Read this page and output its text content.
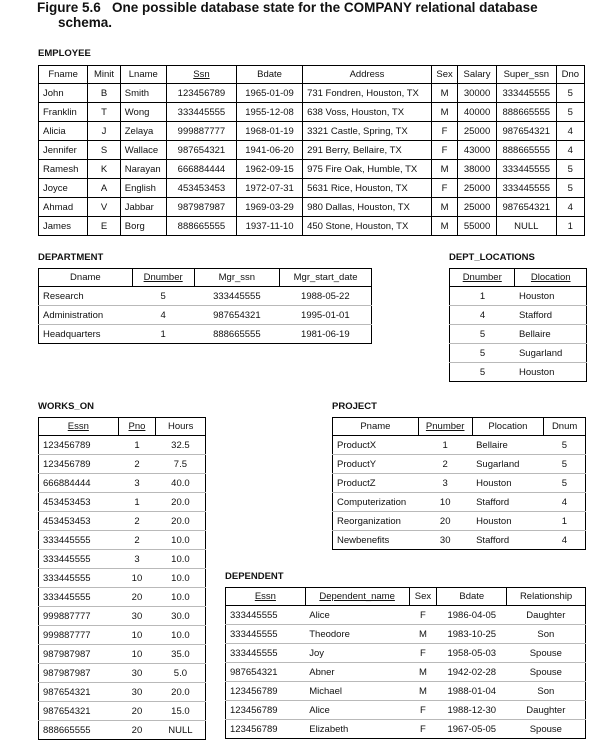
Figure 5.6   One possible database state for the COMPANY relational database
schema.
EMPLOYEE
Fname	Minit	Lname	Ssn	Bdate	Address	Sex	Salary	Super_ssn	Dno
John	B	Smith	123456789	1965-01-09	731 Fondren, Houston, TX	M	30000	333445555	5
Franklin	T	Wong	333445555	1955-12-08	638 Voss, Houston, TX	M	40000	888665555	5
Alicia	J	Zelaya	999887777	1968-01-19	3321 Castle, Spring, TX	F	25000	987654321	4
Jennifer	S	Wallace	987654321	1941-06-20	291 Berry, Bellaire, TX	F	43000	888665555	4
Ramesh	K	Narayan	666884444	1962-09-15	975 Fire Oak, Humble, TX	M	38000	333445555	5
Joyce	A	English	453453453	1972-07-31	5631 Rice, Houston, TX	F	25000	333445555	5
Ahmad	V	Jabbar	987987987	1969-03-29	980 Dallas, Houston, TX	M	25000	987654321	4
James	E	Borg	888665555	1937-11-10	450 Stone, Houston, TX	M	55000	NULL	1
DEPARTMENT
Dname	Dnumber	Mgr_ssn	Mgr_start_date
Research	5	333445555	1988-05-22
Administration	4	987654321	1995-01-01
Headquarters	1	888665555	1981-06-19
DEPT_LOCATIONS
Dnumber	Dlocation
1	Houston
4	Stafford
5	Bellaire
5	Sugarland
5	Houston
WORKS_ON
Essn	Pno	Hours
123456789	1	32.5
123456789	2	7.5
666884444	3	40.0
453453453	1	20.0
453453453	2	20.0
333445555	2	10.0
333445555	3	10.0
333445555	10	10.0
333445555	20	10.0
999887777	30	30.0
999887777	10	10.0
987987987	10	35.0
987987987	30	5.0
987654321	30	20.0
987654321	20	15.0
888665555	20	NULL
PROJECT
Pname	Pnumber	Plocation	Dnum
ProductX	1	Bellaire	5
ProductY	2	Sugarland	5
ProductZ	3	Houston	5
Computerization	10	Stafford	4
Reorganization	20	Houston	1
Newbenefits	30	Stafford	4
DEPENDENT
Essn	Dependent_name	Sex	Bdate	Relationship
333445555	Alice	F	1986-04-05	Daughter
333445555	Theodore	M	1983-10-25	Son
333445555	Joy	F	1958-05-03	Spouse
987654321	Abner	M	1942-02-28	Spouse
123456789	Michael	M	1988-01-04	Son
123456789	Alice	F	1988-12-30	Daughter
123456789	Elizabeth	F	1967-05-05	Spouse
